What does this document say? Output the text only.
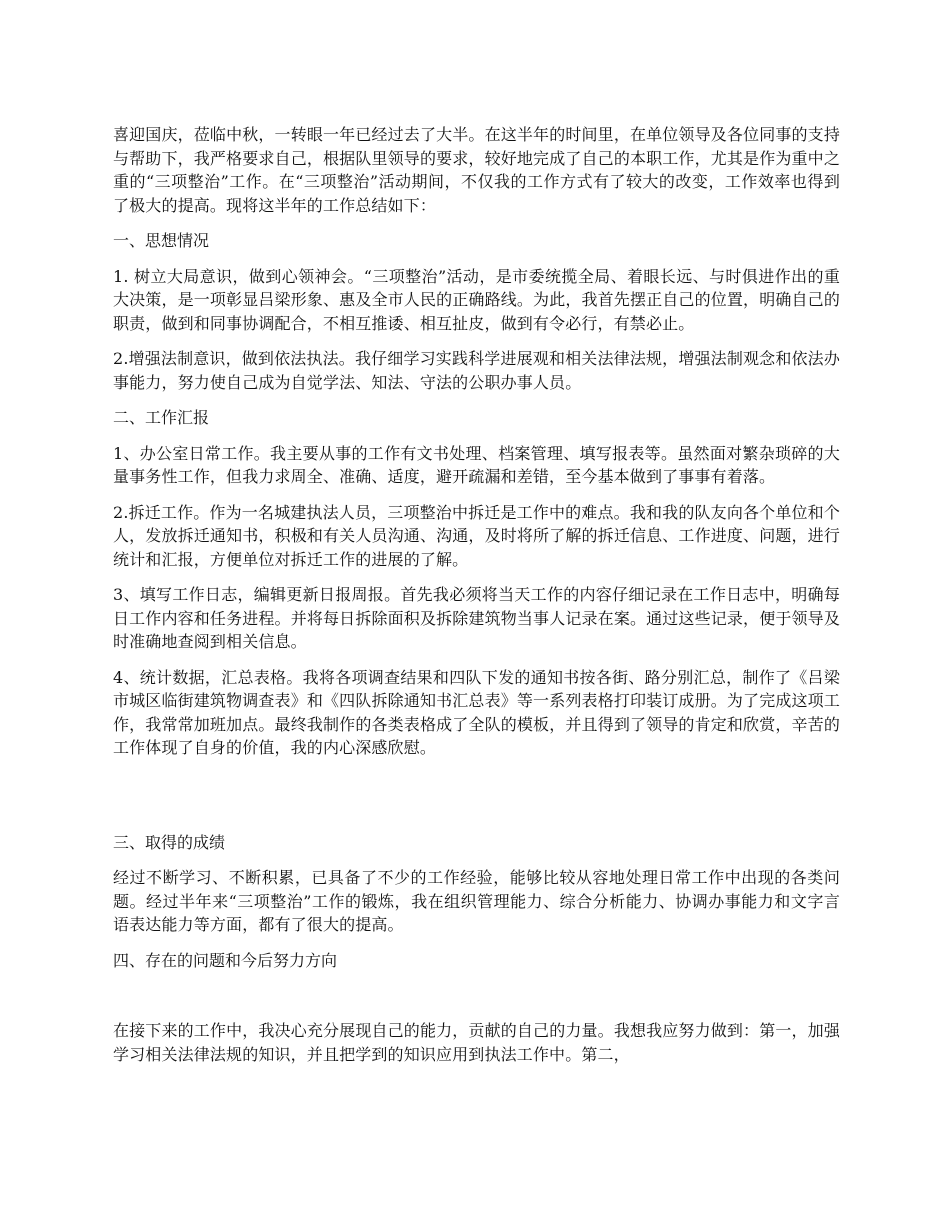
喜迎国庆，莅临中秋，一转眼一年已经过去了大半。在这半年的时间里，在单位领导及各位同事的支持与帮助下，我严格要求自己，根据队里领导的要求，较好地完成了自己的本职工作，尤其是作为重中之重的“三项整治”工作。在“三项整治”活动期间，不仅我的工作方式有了较大的改变，工作效率也得到了极大的提高。现将这半年的工作总结如下：

一、思想情况

1. 树立大局意识，做到心领神会。“三项整治”活动，是市委统揽全局、着眼长远、与时俱进作出的重大决策，是一项彰显吕梁形象、惠及全市人民的正确路线。为此，我首先摆正自己的位置，明确自己的职责，做到和同事协调配合，不相互推诿、相互扯皮，做到有令必行，有禁必止。

2.增强法制意识，做到依法执法。我仔细学习实践科学进展观和相关法律法规，增强法制观念和依法办事能力，努力使自己成为自觉学法、知法、守法的公职办事人员。

二、工作汇报

1、办公室日常工作。我主要从事的工作有文书处理、档案管理、填写报表等。虽然面对繁杂琐碎的大量事务性工作，但我力求周全、准确、适度，避开疏漏和差错，至今基本做到了事事有着落。

2.拆迁工作。作为一名城建执法人员，三项整治中拆迁是工作中的难点。我和我的队友向各个单位和个人，发放拆迁通知书，积极和有关人员沟通、沟通，及时将所了解的拆迁信息、工作进度、问题，进行统计和汇报，方便单位对拆迁工作的进展的了解。

3、填写工作日志，编辑更新日报周报。首先我必须将当天工作的内容仔细记录在工作日志中，明确每日工作内容和任务进程。并将每日拆除面积及拆除建筑物当事人记录在案。通过这些记录，便于领导及时准确地查阅到相关信息。

4、统计数据，汇总表格。我将各项调查结果和四队下发的通知书按各街、路分别汇总，制作了《吕梁市城区临街建筑物调查表》和《四队拆除通知书汇总表》等一系列表格打印装订成册。为了完成这项工作，我常常加班加点。最终我制作的各类表格成了全队的模板，并且得到了领导的肯定和欣赏，辛苦的工作体现了自身的价值，我的内心深感欣慰。

三、取得的成绩

经过不断学习、不断积累，已具备了不少的工作经验，能够比较从容地处理日常工作中出现的各类问题。经过半年来“三项整治”工作的锻炼，我在组织管理能力、综合分析能力、协调办事能力和文字言语表达能力等方面，都有了很大的提高。

四、存在的问题和今后努力方向

在接下来的工作中，我决心充分展现自己的能力，贡献的自己的力量。我想我应努力做到：第一，加强学习相关法律法规的知识，并且把学到的知识应用到执法工作中。第二，
